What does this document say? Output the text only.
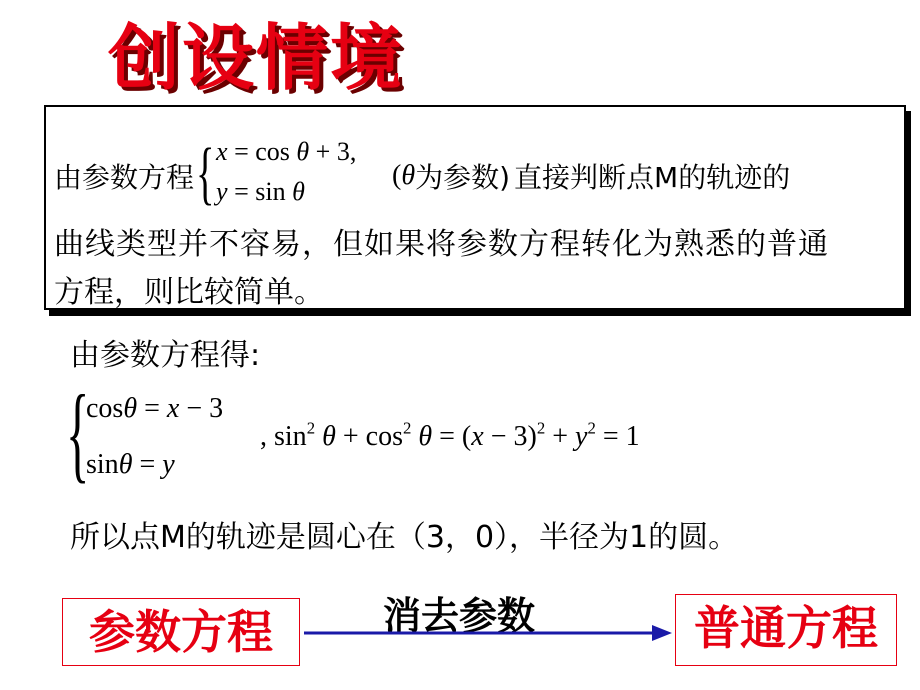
创设情境
由参数方程 { x = cos θ + 3,
y = sin θ
(θ 为参数) 直接判断点M的轨迹的
曲线类型并不容易，但如果将参数方程转化为熟悉的普通
方程，则比较简单。
由参数方程得:
{
cosθ = x − 3
sinθ = y
, $\sin^2 \theta + \cos^2 \theta = (x - 3)^2 + y^2 = 1$
所以点M的轨迹是圆心在（3，0），半径为1的圆。
参数方程	消去参数	普通方程
